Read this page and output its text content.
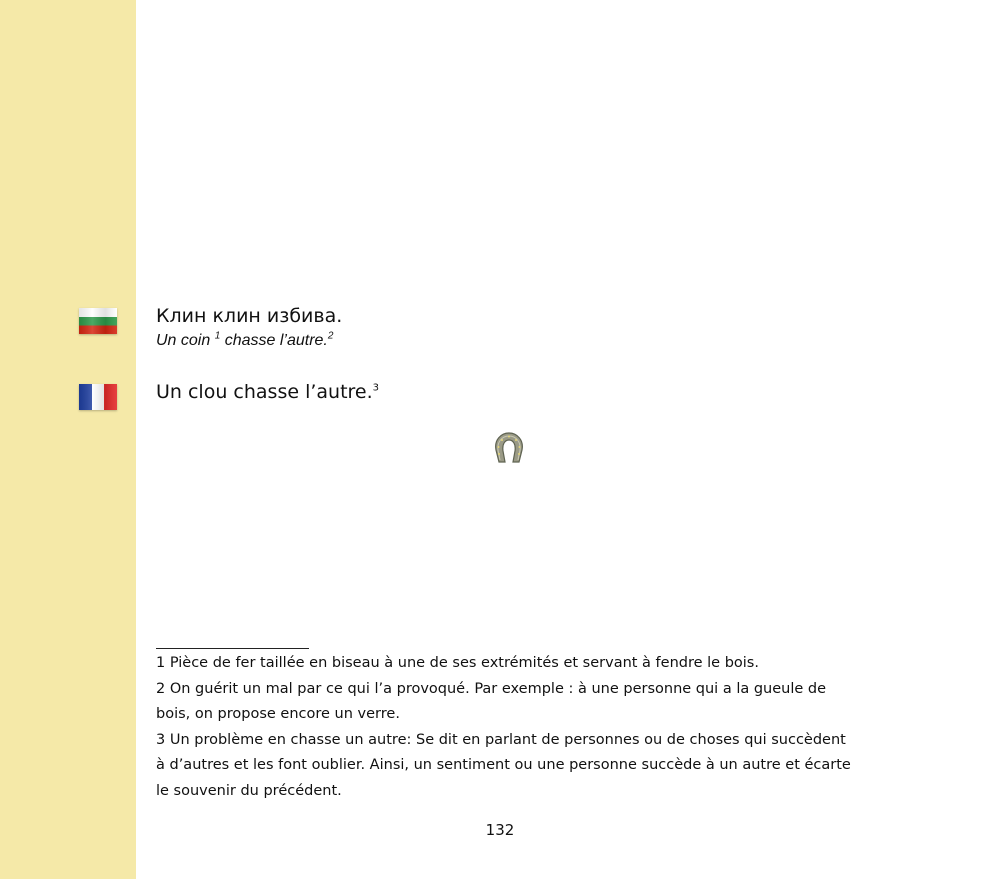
Клин клин избива.
Un coin $^1$ chasse l’autre.$^2$
Un clou chasse l’autre.$^3$

1 Pièce de fer taillée en biseau à une de ses extrémités et servant à fendre le bois.

2 On guérit un mal par ce qui l’a provoqué. Par exemple : à une personne qui a la gueule de bois, on propose encore un verre.

3 Un problème en chasse un autre: Se dit en parlant de personnes ou de choses qui succèdent à d’autres et les font oublier. Ainsi, un sentiment ou une personne succède à un autre et écarte le souvenir du précédent.

132
